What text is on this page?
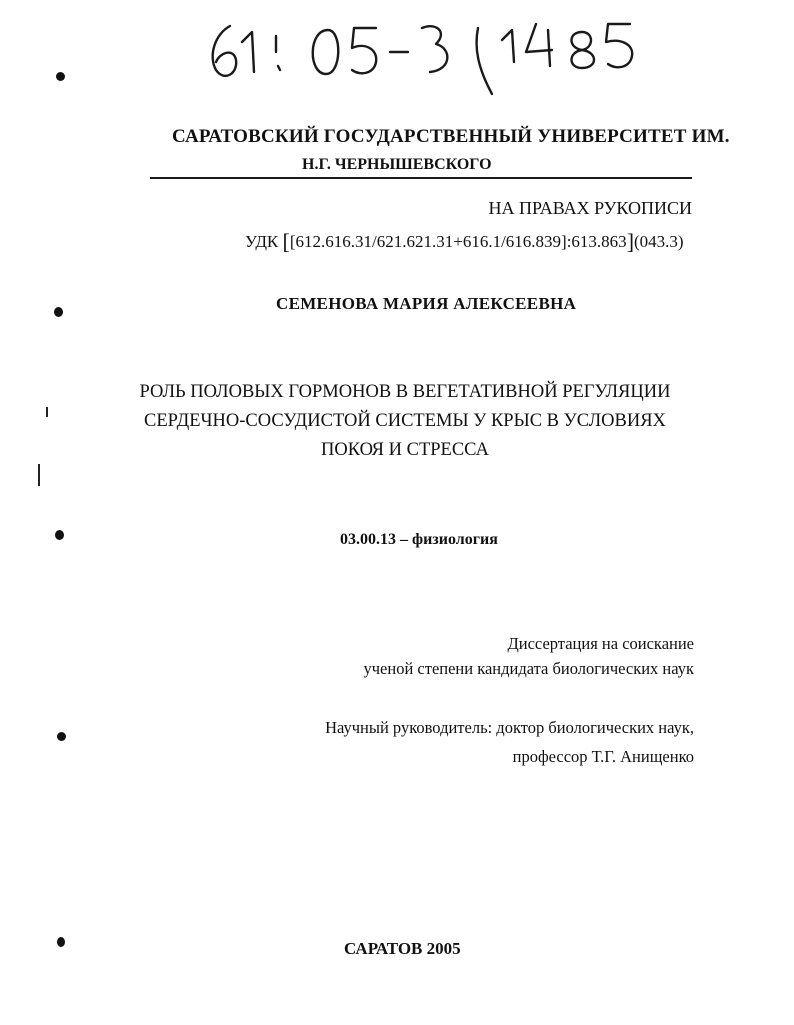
САРАТОВСКИЙ ГОСУДАРСТВЕННЫЙ УНИВЕРСИТЕТ ИМ.
Н.Г. ЧЕРНЫШЕВСКОГО
НА ПРАВАХ РУКОПИСИ
УДК [[612.616.31/621.621.31+616.1/616.839]:613.863](043.3)
СЕМЕНОВА МАРИЯ АЛЕКСЕЕВНА
РОЛЬ ПОЛОВЫХ ГОРМОНОВ В ВЕГЕТАТИВНОЙ РЕГУЛЯЦИИ
СЕРДЕЧНО-СОСУДИСТОЙ СИСТЕМЫ У КРЫС В УСЛОВИЯХ
ПОКОЯ И СТРЕССА
03.00.13 – физиология
Диссертация на соискание
ученой степени кандидата биологических наук
Научный руководитель: доктор биологических наук,
профессор Т.Г. Анищенко
САРАТОВ 2005
